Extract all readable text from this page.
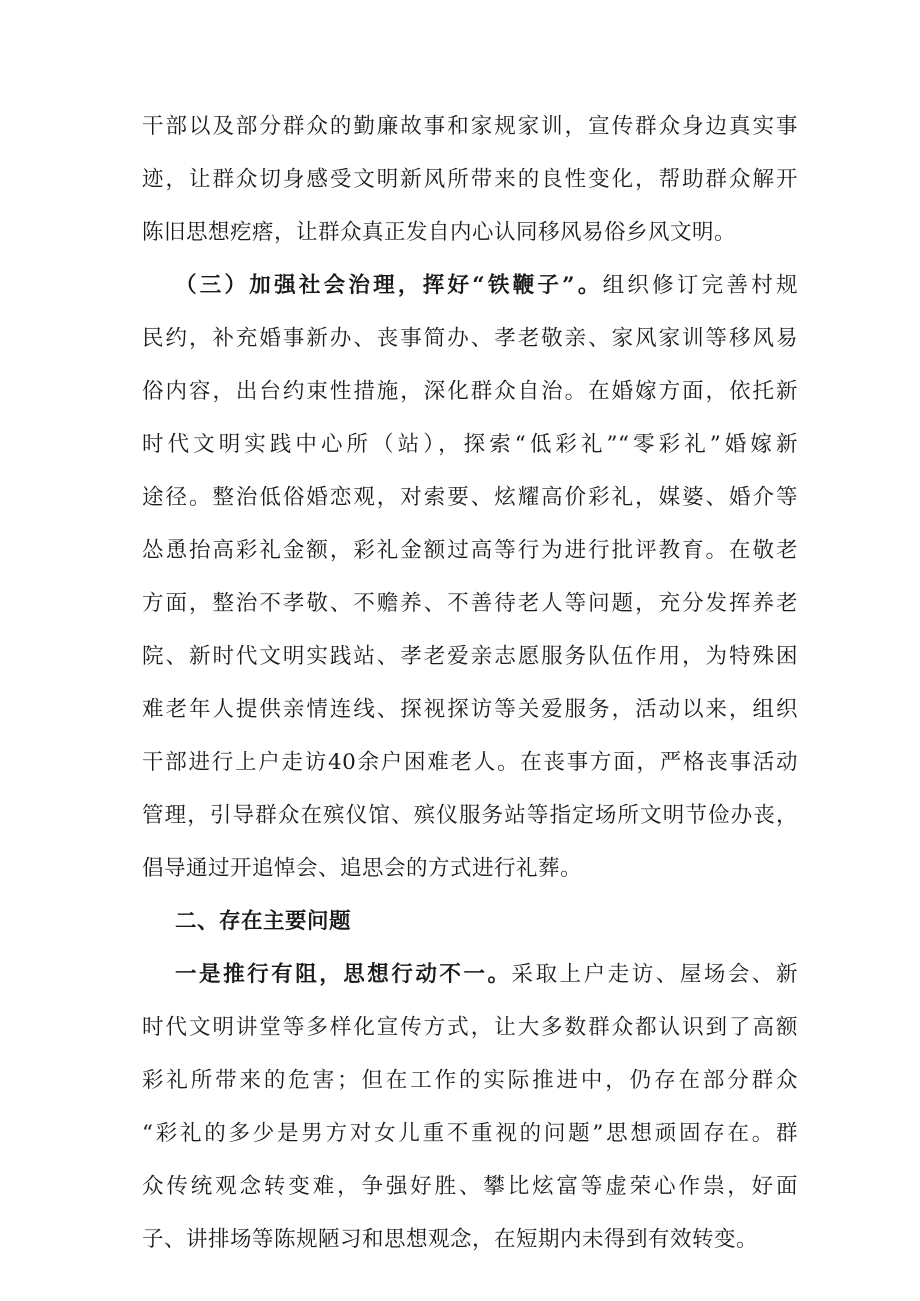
干部以及部分群众的勤廉故事和家规家训，宣传群众身边真实事
迹，让群众切身感受文明新风所带来的良性变化，帮助群众解开
陈旧思想疙瘩，让群众真正发自内心认同移风易俗乡风文明。
（三）加强社会治理，挥好“铁鞭子”。组织修订完善村规
民约，补充婚事新办、丧事简办、孝老敬亲、家风家训等移风易
俗内容，出台约束性措施，深化群众自治。在婚嫁方面，依托新
时代文明实践中心所（站），探索“低彩礼”“零彩礼”婚嫁新
途径。整治低俗婚恋观，对索要、炫耀高价彩礼，媒婆、婚介等
怂恿抬高彩礼金额，彩礼金额过高等行为进行批评教育。在敬老
方面，整治不孝敬、不赡养、不善待老人等问题，充分发挥养老
院、新时代文明实践站、孝老爱亲志愿服务队伍作用，为特殊困
难老年人提供亲情连线、探视探访等关爱服务，活动以来，组织
干部进行上户走访40余户困难老人。在丧事方面，严格丧事活动
管理，引导群众在殡仪馆、殡仪服务站等指定场所文明节俭办丧，
倡导通过开追悼会、追思会的方式进行礼葬。
二、存在主要问题
一是推行有阻，思想行动不一。采取上户走访、屋场会、新
时代文明讲堂等多样化宣传方式，让大多数群众都认识到了高额
彩礼所带来的危害；但在工作的实际推进中，仍存在部分群众
“彩礼的多少是男方对女儿重不重视的问题”思想顽固存在。群
众传统观念转变难，争强好胜、攀比炫富等虚荣心作祟，好面
子、讲排场等陈规陋习和思想观念，在短期内未得到有效转变。
